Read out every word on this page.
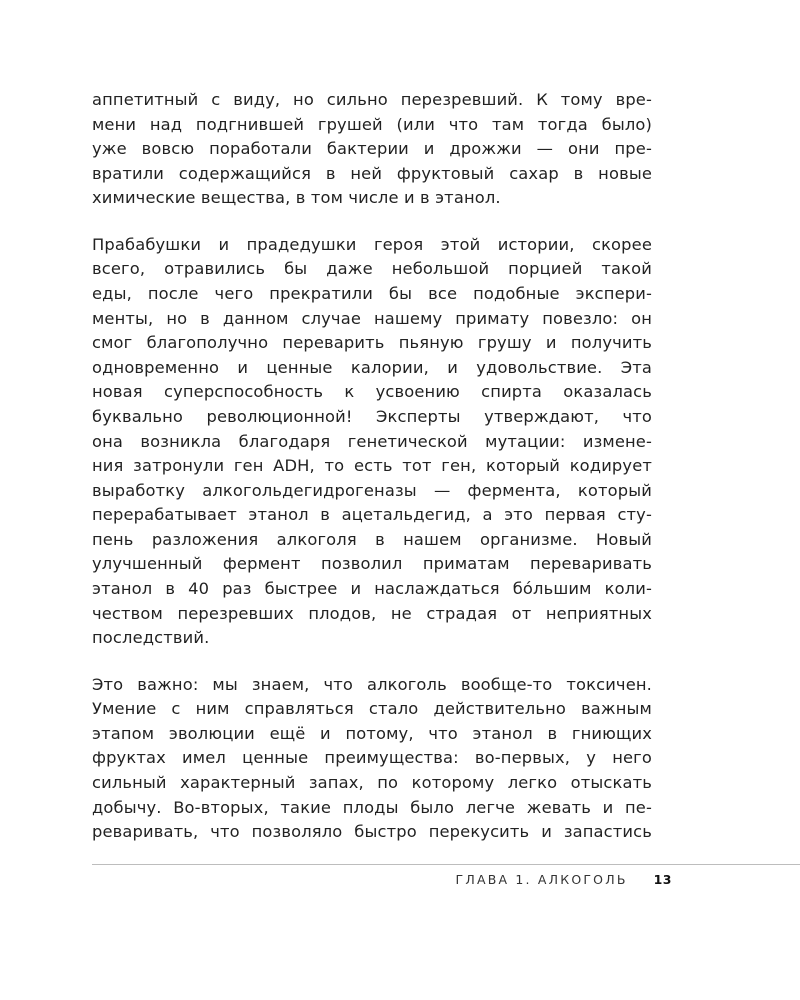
аппетитный с виду, но сильно перезревший. К тому вре-
мени над подгнившей грушей (или что там тогда было)
уже вовсю поработали бактерии и дрожжи — они пре-
вратили содержащийся в ней фруктовый сахар в новые
химические вещества, в том числе и в этанол.

Прабабушки и прадедушки героя этой истории, скорее
всего, отравились бы даже небольшой порцией такой
еды, после чего прекратили бы все подобные экспери-
менты, но в данном случае нашему примату повезло: он
смог благополучно переварить пьяную грушу и получить
одновременно и ценные калории, и удовольствие. Эта
новая суперспособность к усвоению спирта оказалась
буквально революционной! Эксперты утверждают, что
она возникла благодаря генетической мутации: измене-
ния затронули ген ADH, то есть тот ген, который кодирует
выработку алкогольдегидрогеназы — фермента, который
перерабатывает этанол в ацетальдегид, а это первая сту-
пень разложения алкоголя в нашем организме. Новый
улучшенный фермент позволил приматам переваривать
этанол в 40 раз быстрее и наслаждаться бóльшим коли-
чеством перезревших плодов, не страдая от неприятных
последствий.

Это важно: мы знаем, что алкоголь вообще-то токсичен.
Умение с ним справляться стало действительно важным
этапом эволюции ещё и потому, что этанол в гниющих
фруктах имел ценные преимущества: во-первых, у него
сильный характерный запах, по которому легко отыскать
добычу. Во-вторых, такие плоды было легче жевать и пе-
реваривать, что позволяло быстро перекусить и запастись

ГЛАВА 1. АЛКОГОЛЬ 13
